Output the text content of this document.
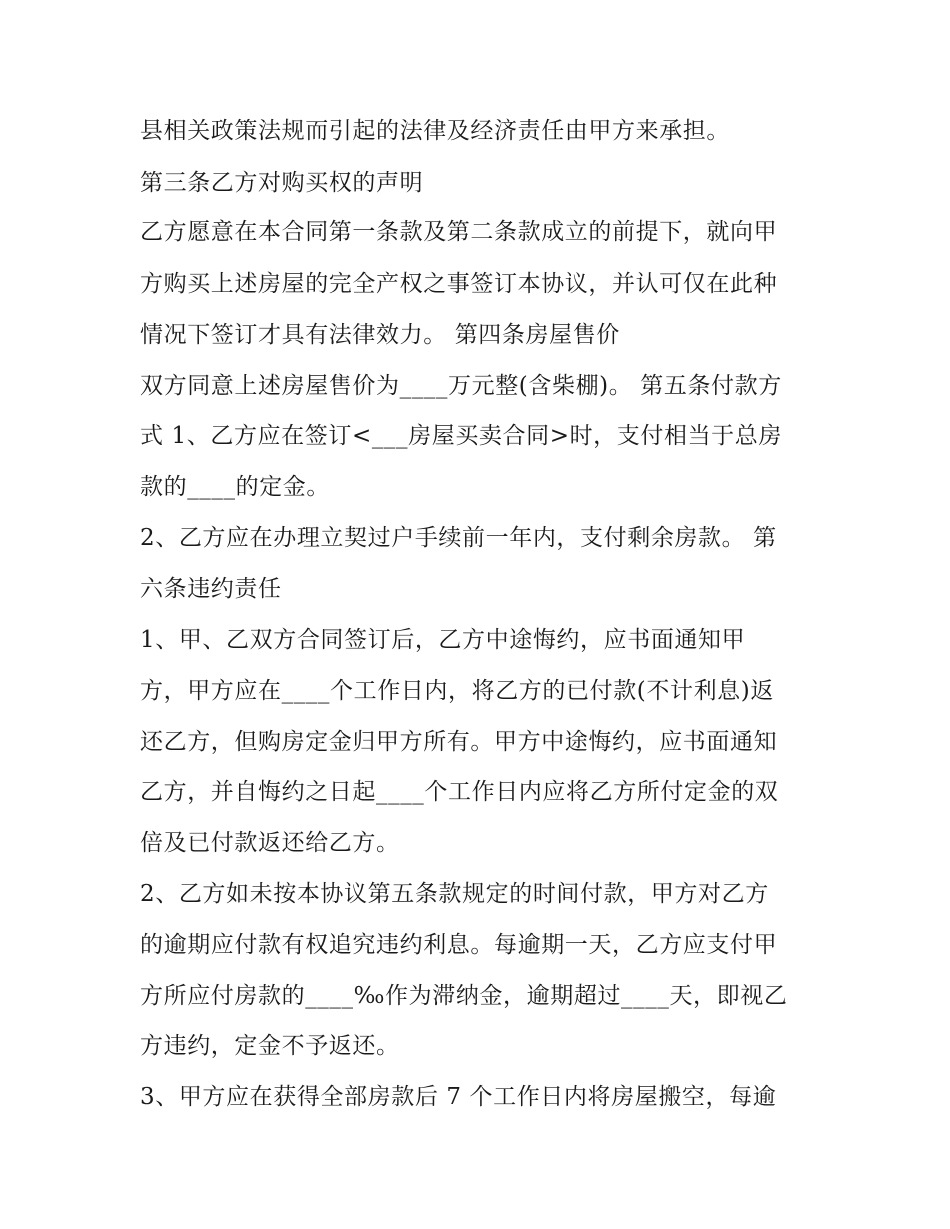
县相关政策法规而引起的法律及经济责任由甲方来承担。
第三条乙方对购买权的声明
乙方愿意在本合同第一条款及第二条款成立的前提下，就向甲
方购买上述房屋的完全产权之事签订本协议，并认可仅在此种
情况下签订才具有法律效力。 第四条房屋售价
双方同意上述房屋售价为____万元整(含柴棚)。 第五条付款方
式 1、乙方应在签订<___房屋买卖合同>时，支付相当于总房
款的____的定金。
2、乙方应在办理立契过户手续前一年内，支付剩余房款。 第
六条违约责任
1、甲、乙双方合同签订后，乙方中途悔约，应书面通知甲
方，甲方应在____个工作日内，将乙方的已付款(不计利息)返
还乙方，但购房定金归甲方所有。甲方中途悔约，应书面通知
乙方，并自悔约之日起____个工作日内应将乙方所付定金的双
倍及已付款返还给乙方。
2、乙方如未按本协议第五条款规定的时间付款，甲方对乙方
的逾期应付款有权追究违约利息。每逾期一天，乙方应支付甲
方所应付房款的____‰作为滞纳金，逾期超过____天，即视乙
方违约，定金不予返还。
3、甲方应在获得全部房款后 7 个工作日内将房屋搬空，每逾
